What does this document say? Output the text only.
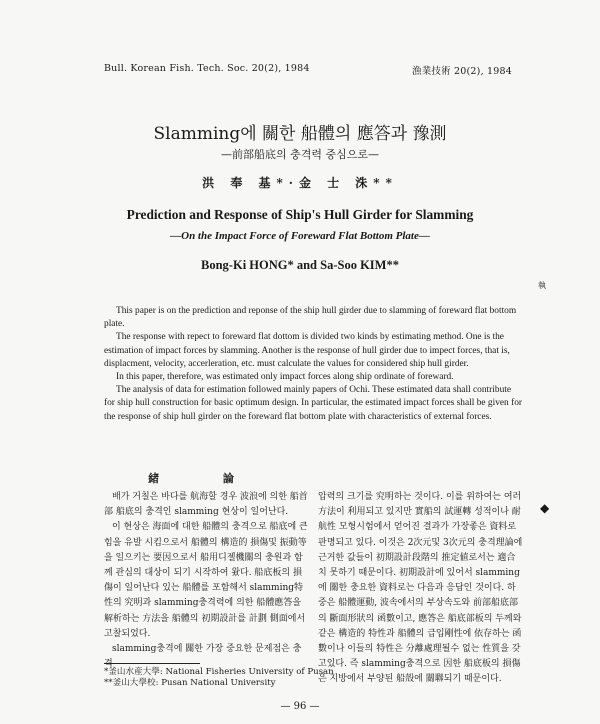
Bull. Korean Fish. Tech. Soc. 20(2), 1984	漁業技術 20(2), 1984
Slamming에 關한 船體의 應答과 豫測
—前部船底의 충격력 중심으로—
洪 奉 基*·金 士 洙**
Prediction and Response of Ship's Hull Girder for Slamming
—On the Impact Force of Foreward Flat Bottom Plate—
Bong-Ki HONG* and Sa-Soo KIM**
執

This paper is on the prediction and reponse of the ship hull girder due to slamming of foreward flat bottom plate.

The response with repect to foreward flat dottom is divided two kinds by estimating method. One is the estimation of impact forces by slamming. Another is the response of hull girder due to impect forces, that is, displacment, velocity, accerleration, etc. must calculate the values for considered ship hull girder.

In this paper, therefore, was estimated only impact forces along ship ordinate of foreward.

The analysis of data for estimation followed mainly papers of Ochi. These estimated data shall contribute for ship hull construction for basic optimum design. In particular, the estimated impact forces shall be given for the response of ship hull girder on the foreward flat bottom plate with characteristics of external forces.

緒 論

배가 거칠은 바다를 航海할 경우 波浪에 의한 船首部 船底의 충격인 slamming 현상이 일어난다.

이 현상은 海面에 대한 船體의 충격으로 船底에 큰 힘을 유발 시킴으로서 船體의 構造的 損傷및 振動等을 일으키는 要因으로서 船用디젤機關의 충원과 함께 관심의 대상이 되기 시작하여 왔다. 船底板의 損傷이 일어난다 있는 船體를 포함해서 slamming特性의 究明과 slamming충격력에 의한 船體應答을 解析하는 方法을 船體의 初期設計를 計劃 側面에서 고찰되었다.

slamming충격에 關한 가장 중요한 문제점은 충격

압력의 크기를 究明하는 것이다. 이를 위하여는 여러方法이 利用되고 있지만 實船의 試運轉 성적이나 耐航性 모형시험에서 얻어진 결과가 가장좋은 資料로 판명되고 있다. 이것은 2次元및 3次元의 충격理論에 근거한 값들이 初期設計段階의 推定値로서는 適合치 못하기 때문이다. 初期設計에 있어서 slamming에 關한 충요한 資料로는 다음과 응답인 것이다. 하중은 船體運動, 波속에서의 부상속도와 前部船底部의 斷面形狀의 函數이고, 應答은 船底部板의 두께와 같은 構造的 特性과 船體의 급입剛性에 依存하는 函數이나 이들의 特性은 分離處理될수 없는 性質을 갖고있다. 즉 slamming충격으로 因한 船底板의 損傷은 지방에서 부양된 船殼에 關聯되기 때문이다.

◆
*釜山水産大學: National Fisheries University of Pusan
**釜山大學校: Pusan National University
— 96 —
